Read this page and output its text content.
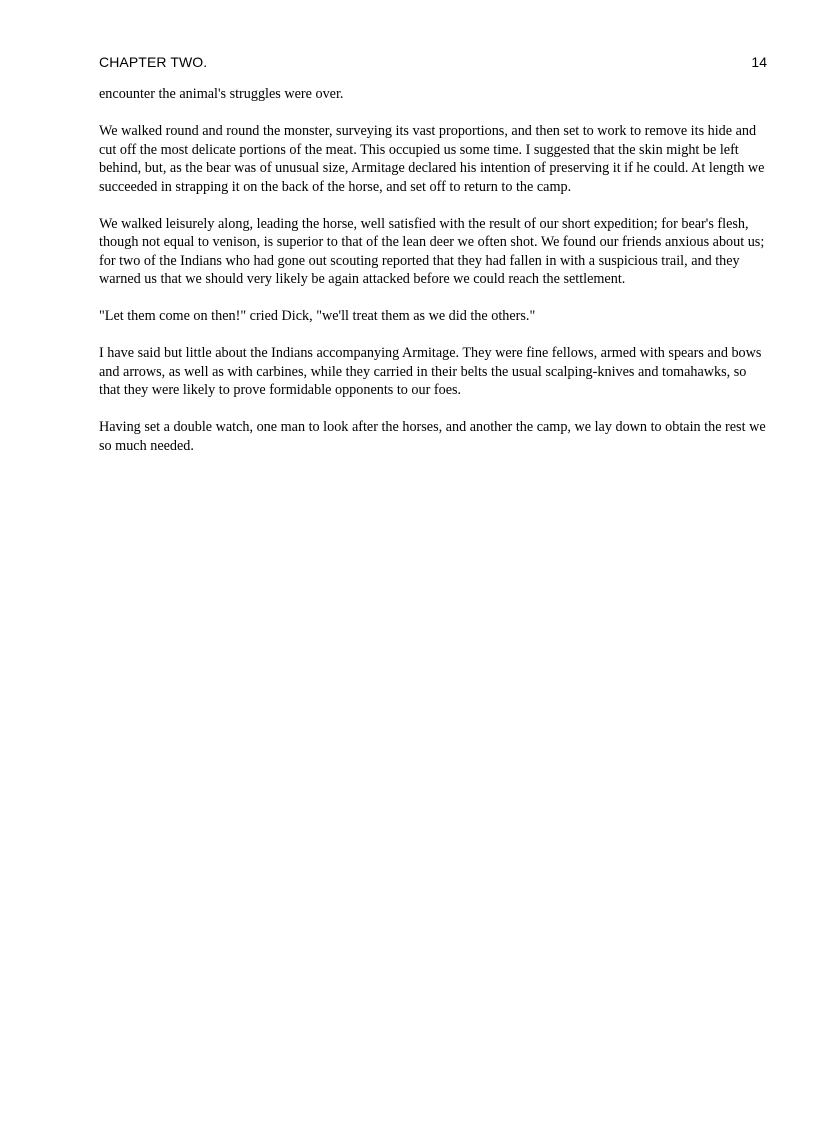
CHAPTER TWO.	14

encounter the animal's struggles were over.

We walked round and round the monster, surveying its vast proportions, and then set to work to remove its hide and cut off the most delicate portions of the meat. This occupied us some time. I suggested that the skin might be left behind, but, as the bear was of unusual size, Armitage declared his intention of preserving it if he could. At length we succeeded in strapping it on the back of the horse, and set off to return to the camp.

We walked leisurely along, leading the horse, well satisfied with the result of our short expedition; for bear's flesh, though not equal to venison, is superior to that of the lean deer we often shot. We found our friends anxious about us; for two of the Indians who had gone out scouting reported that they had fallen in with a suspicious trail, and they warned us that we should very likely be again attacked before we could reach the settlement.

"Let them come on then!" cried Dick, "we'll treat them as we did the others."

I have said but little about the Indians accompanying Armitage. They were fine fellows, armed with spears and bows and arrows, as well as with carbines, while they carried in their belts the usual scalping-knives and tomahawks, so that they were likely to prove formidable opponents to our foes.

Having set a double watch, one man to look after the horses, and another the camp, we lay down to obtain the rest we so much needed.
